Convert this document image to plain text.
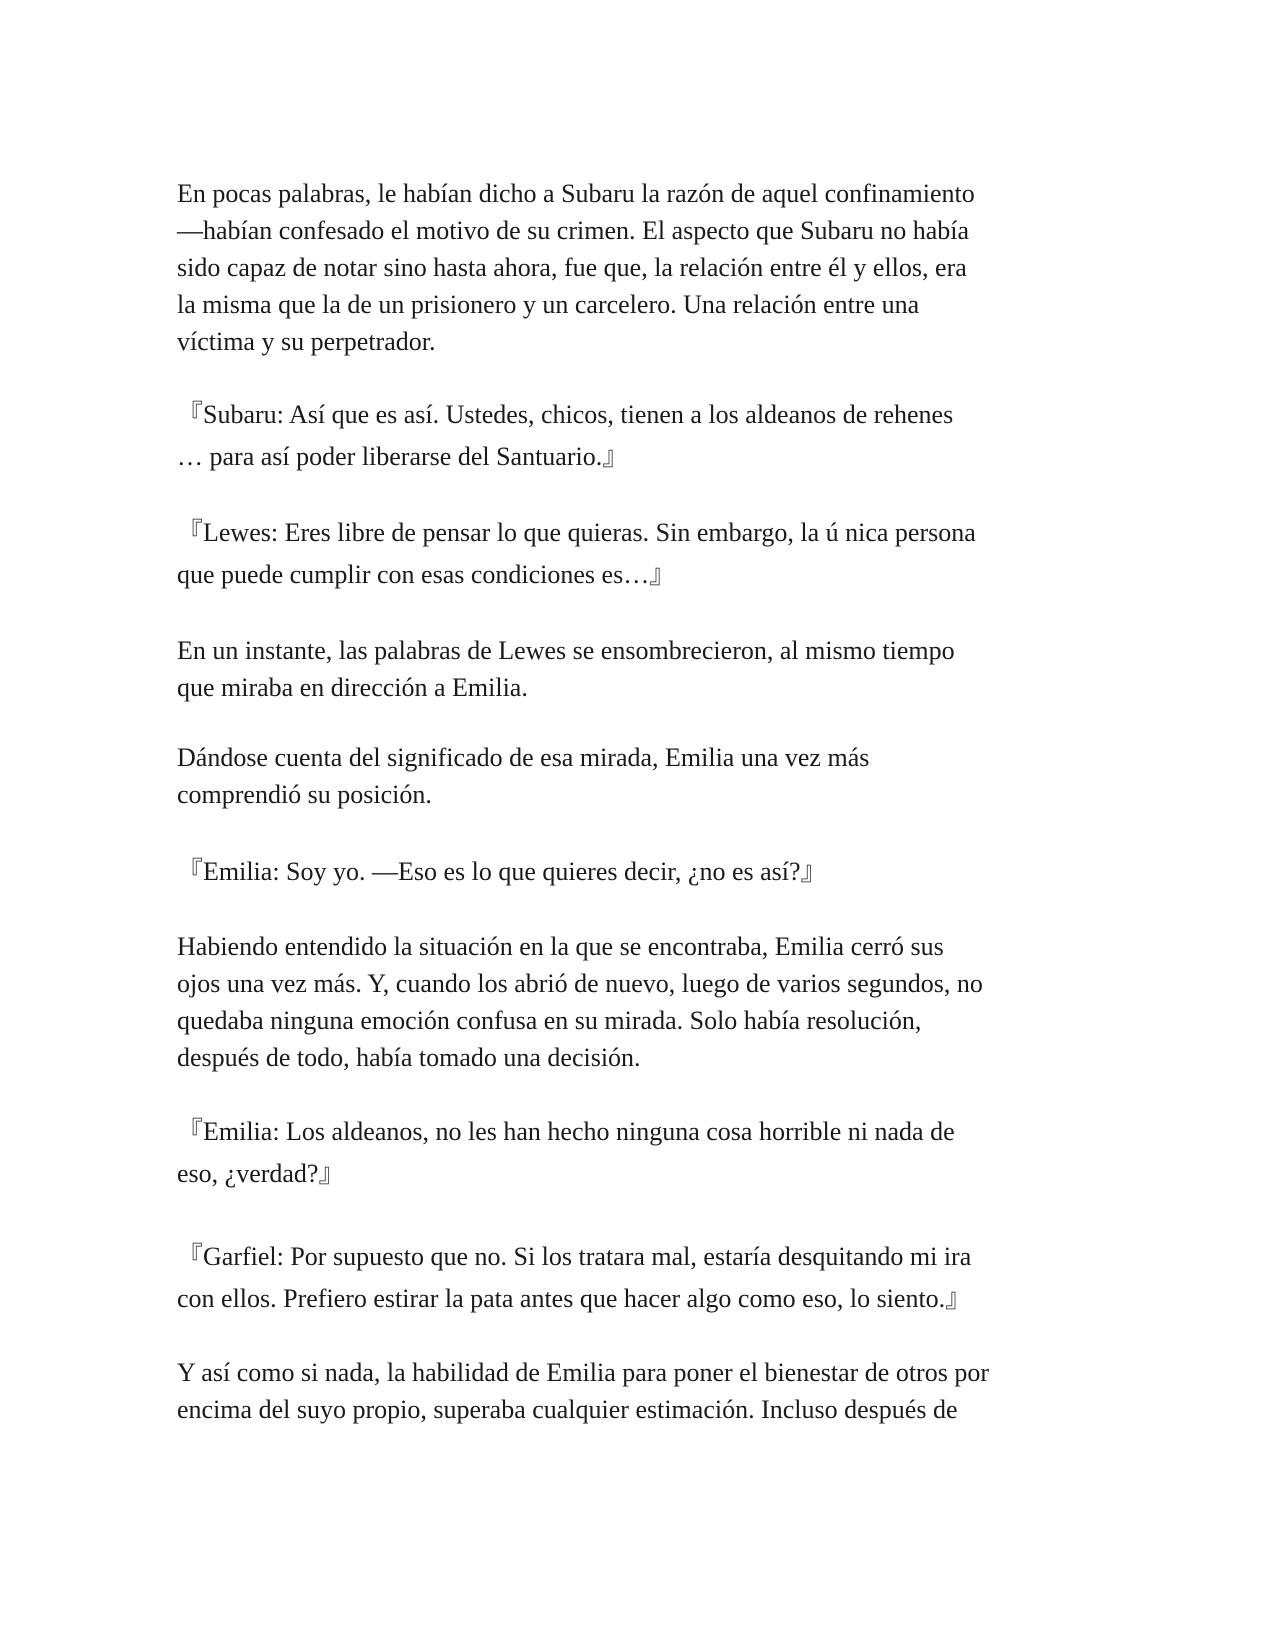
En pocas palabras, le habían dicho a Subaru la razón de aquel confinamiento
—habían confesado el motivo de su crimen. El aspecto que Subaru no había
sido capaz de notar sino hasta ahora, fue que, la relación entre él y ellos, era
la misma que la de un prisionero y un carcelero. Una relación entre una
víctima y su perpetrador.

『Subaru: Así que es así. Ustedes, chicos, tienen a los aldeanos de rehenes
… para así poder liberarse del Santuario.』

『Lewes: Eres libre de pensar lo que quieras. Sin embargo, la ú nica persona
que puede cumplir con esas condiciones es…』

En un instante, las palabras de Lewes se ensombrecieron, al mismo tiempo
que miraba en dirección a Emilia.

Dándose cuenta del significado de esa mirada, Emilia una vez más
comprendió su posición.

『Emilia: Soy yo. —Eso es lo que quieres decir, ¿no es así?』

Habiendo entendido la situación en la que se encontraba, Emilia cerró sus
ojos una vez más. Y, cuando los abrió de nuevo, luego de varios segundos, no
quedaba ninguna emoción confusa en su mirada. Solo había resolución,
después de todo, había tomado una decisión.

『Emilia: Los aldeanos, no les han hecho ninguna cosa horrible ni nada de
eso, ¿verdad?』

『Garfiel: Por supuesto que no. Si los tratara mal, estaría desquitando mi ira
con ellos. Prefiero estirar la pata antes que hacer algo como eso, lo siento.』

Y así como si nada, la habilidad de Emilia para poner el bienestar de otros por
encima del suyo propio, superaba cualquier estimación. Incluso después de
